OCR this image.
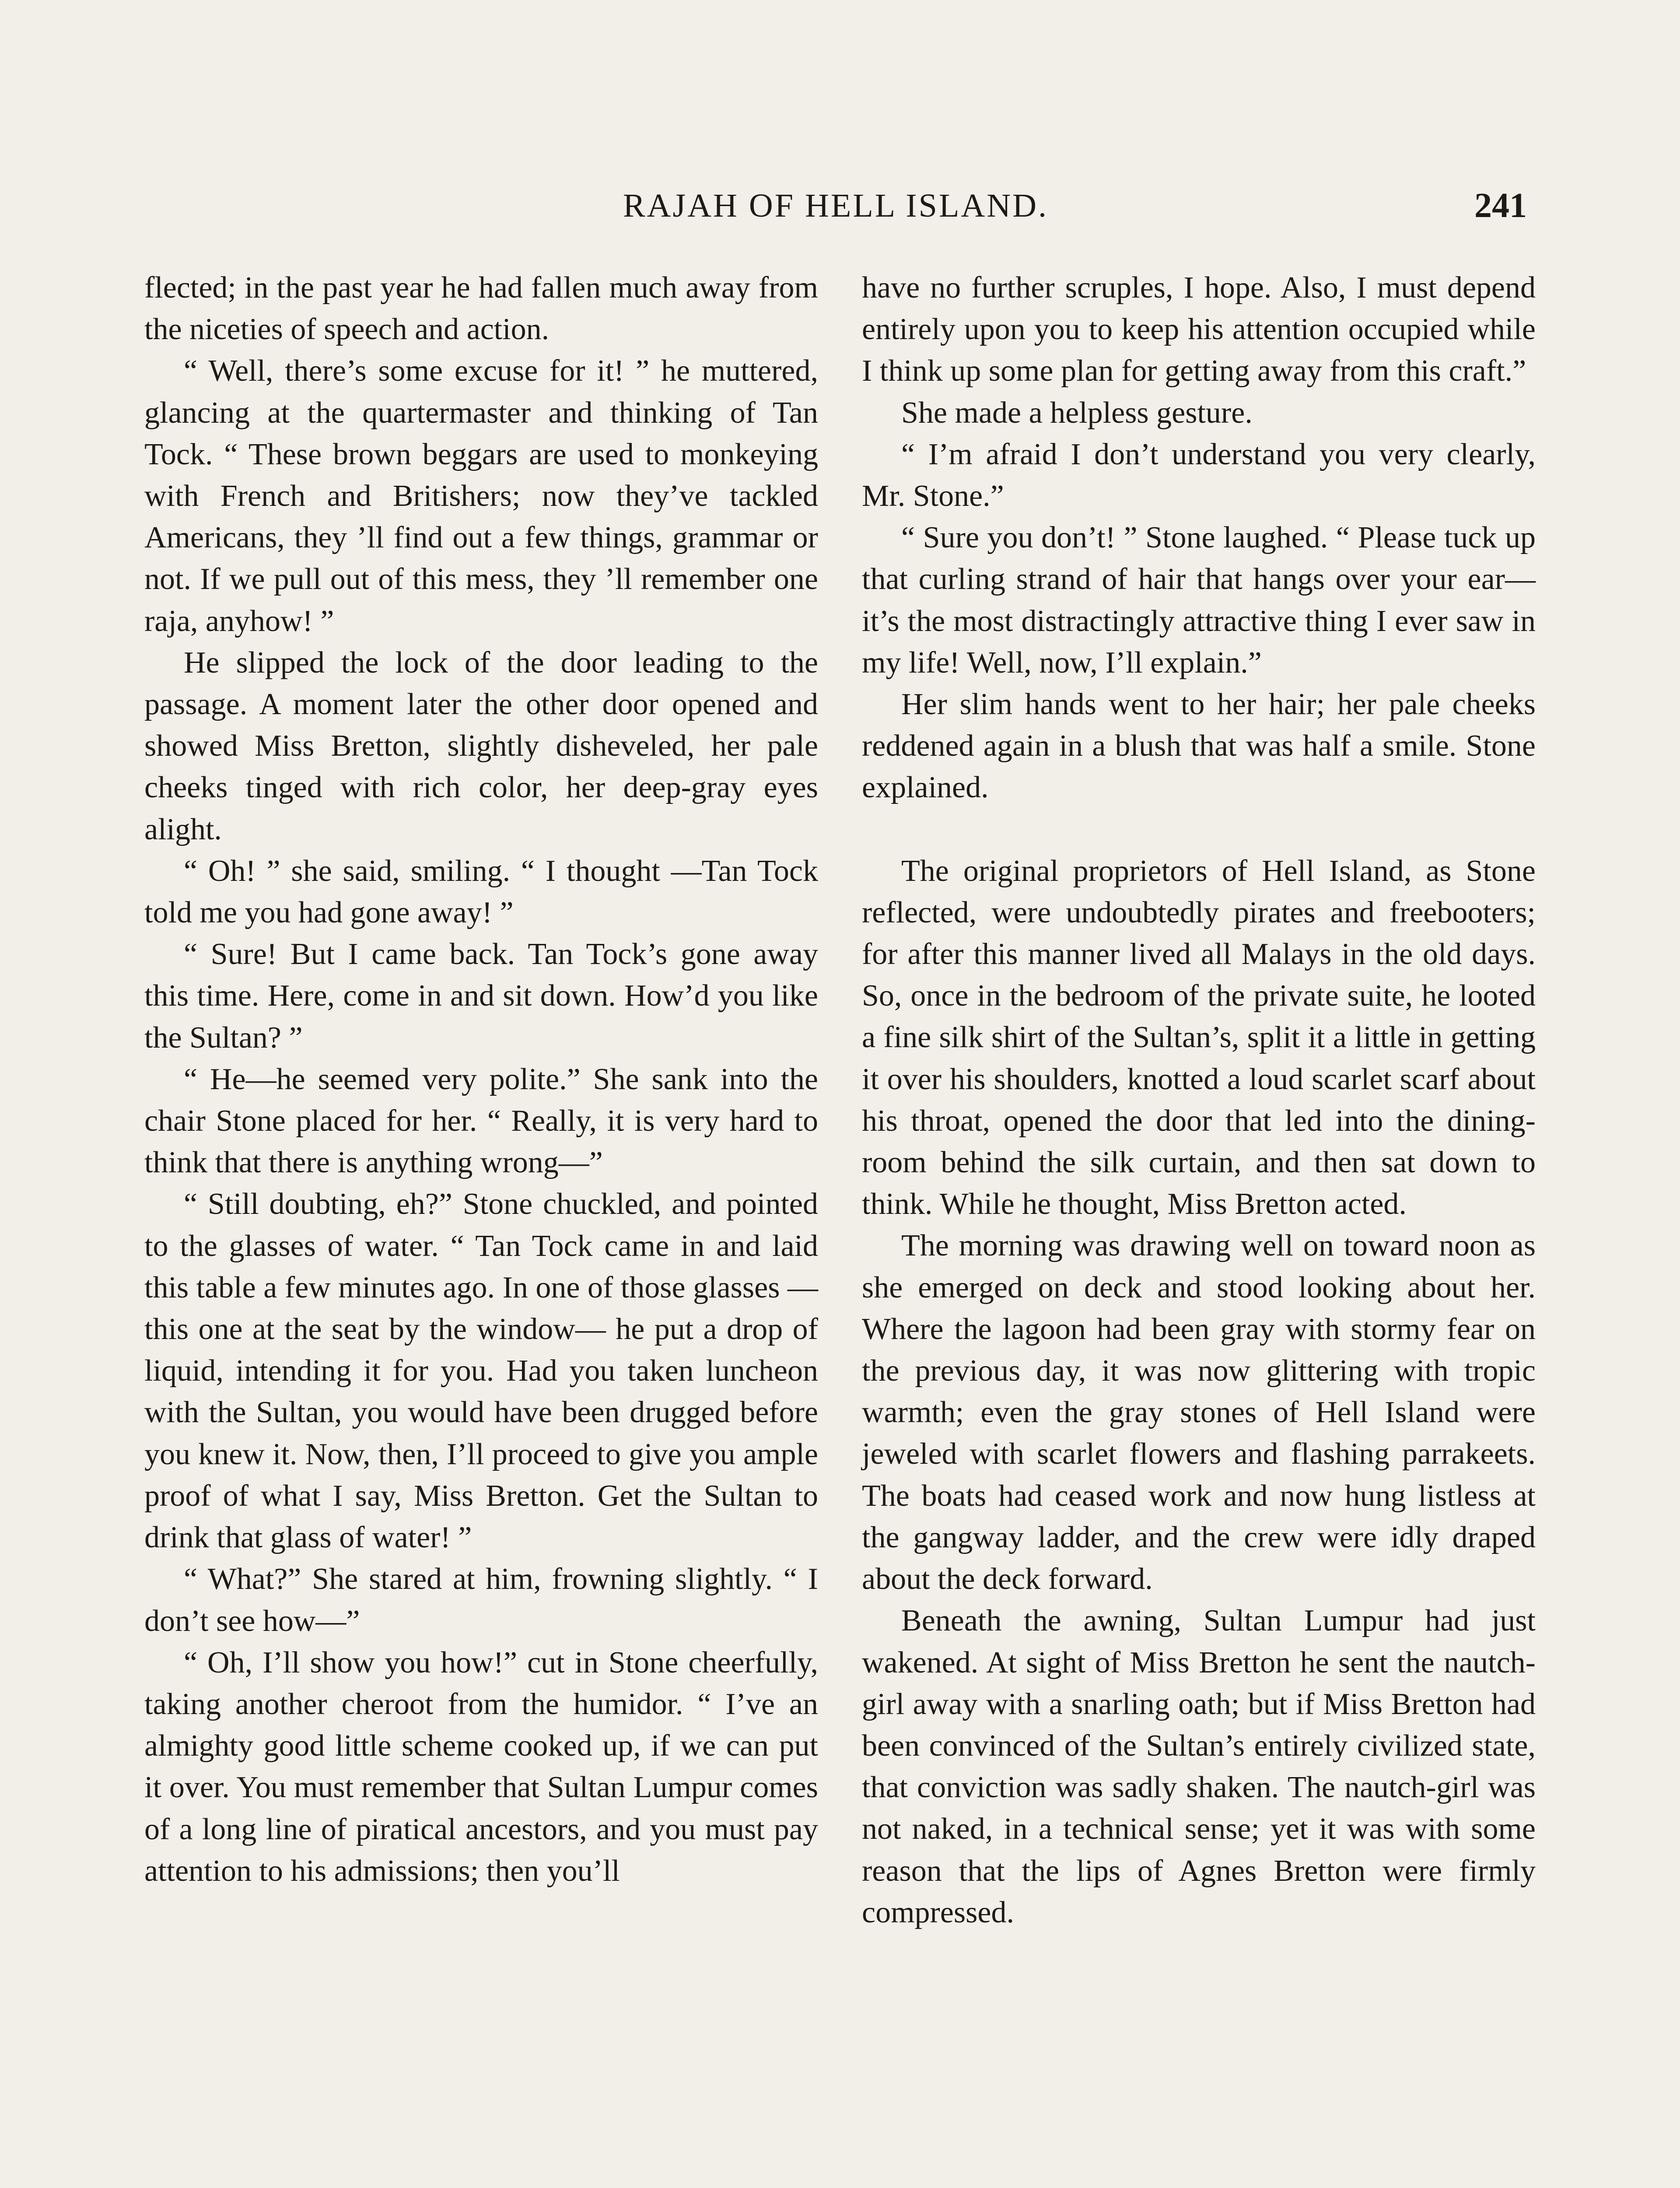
RAJAH OF HELL ISLAND.	241

flected; in the past year he had fallen much away from the niceties of speech and action.

“ Well, there’s some excuse for it! ” he muttered, glancing at the quartermaster and thinking of Tan Tock. “ These brown beggars are used to monkeying with French and Britishers; now they’ve tackled Americans, they ’ll find out a few things, grammar or not. If we pull out of this mess, they ’ll remember one raja, anyhow! ”

He slipped the lock of the door leading to the passage. A moment later the other door opened and showed Miss Bretton, slightly disheveled, her pale cheeks tinged with rich color, her deep-gray eyes alight.

“ Oh! ” she said, smiling. “ I thought —Tan Tock told me you had gone away! ”

“ Sure! But I came back. Tan Tock’s gone away this time. Here, come in and sit down. How’d you like the Sultan? ”

“ He—he seemed very polite.” She sank into the chair Stone placed for her. “ Really, it is very hard to think that there is anything wrong—”

“ Still doubting, eh?” Stone chuckled, and pointed to the glasses of water. “ Tan Tock came in and laid this table a few minutes ago. In one of those glasses —this one at the seat by the window— he put a drop of liquid, intending it for you. Had you taken luncheon with the Sultan, you would have been drugged before you knew it. Now, then, I’ll proceed to give you ample proof of what I say, Miss Bretton. Get the Sultan to drink that glass of water! ”

“ What?” She stared at him, frowning slightly. “ I don’t see how—”

“ Oh, I’ll show you how!” cut in Stone cheerfully, taking another cheroot from the humidor. “ I’ve an almighty good little scheme cooked up, if we can put it over. You must remember that Sultan Lumpur comes of a long line of piratical ancestors, and you must pay attention to his admissions; then you’ll

have no further scruples, I hope. Also, I must depend entirely upon you to keep his attention occupied while I think up some plan for getting away from this craft.”

She made a helpless gesture.

“ I’m afraid I don’t understand you very clearly, Mr. Stone.”

“ Sure you don’t! ” Stone laughed. “ Please tuck up that curling strand of hair that hangs over your ear—it’s the most distractingly attractive thing I ever saw in my life! Well, now, I’ll explain.”

Her slim hands went to her hair; her pale cheeks reddened again in a blush that was half a smile. Stone explained.

The original proprietors of Hell Island, as Stone reflected, were undoubtedly pirates and freebooters; for after this manner lived all Malays in the old days. So, once in the bedroom of the private suite, he looted a fine silk shirt of the Sultan’s, split it a little in getting it over his shoulders, knotted a loud scarlet scarf about his throat, opened the door that led into the dining-room behind the silk curtain, and then sat down to think. While he thought, Miss Bretton acted.

The morning was drawing well on toward noon as she emerged on deck and stood looking about her. Where the lagoon had been gray with stormy fear on the previous day, it was now glittering with tropic warmth; even the gray stones of Hell Island were jeweled with scarlet flowers and flashing parrakeets. The boats had ceased work and now hung listless at the gangway ladder, and the crew were idly draped about the deck forward.

Beneath the awning, Sultan Lumpur had just wakened. At sight of Miss Bretton he sent the nautch-girl away with a snarling oath; but if Miss Bretton had been convinced of the Sultan’s entirely civilized state, that conviction was sadly shaken. The nautch-girl was not naked, in a technical sense; yet it was with some reason that the lips of Agnes Bretton were firmly compressed.
